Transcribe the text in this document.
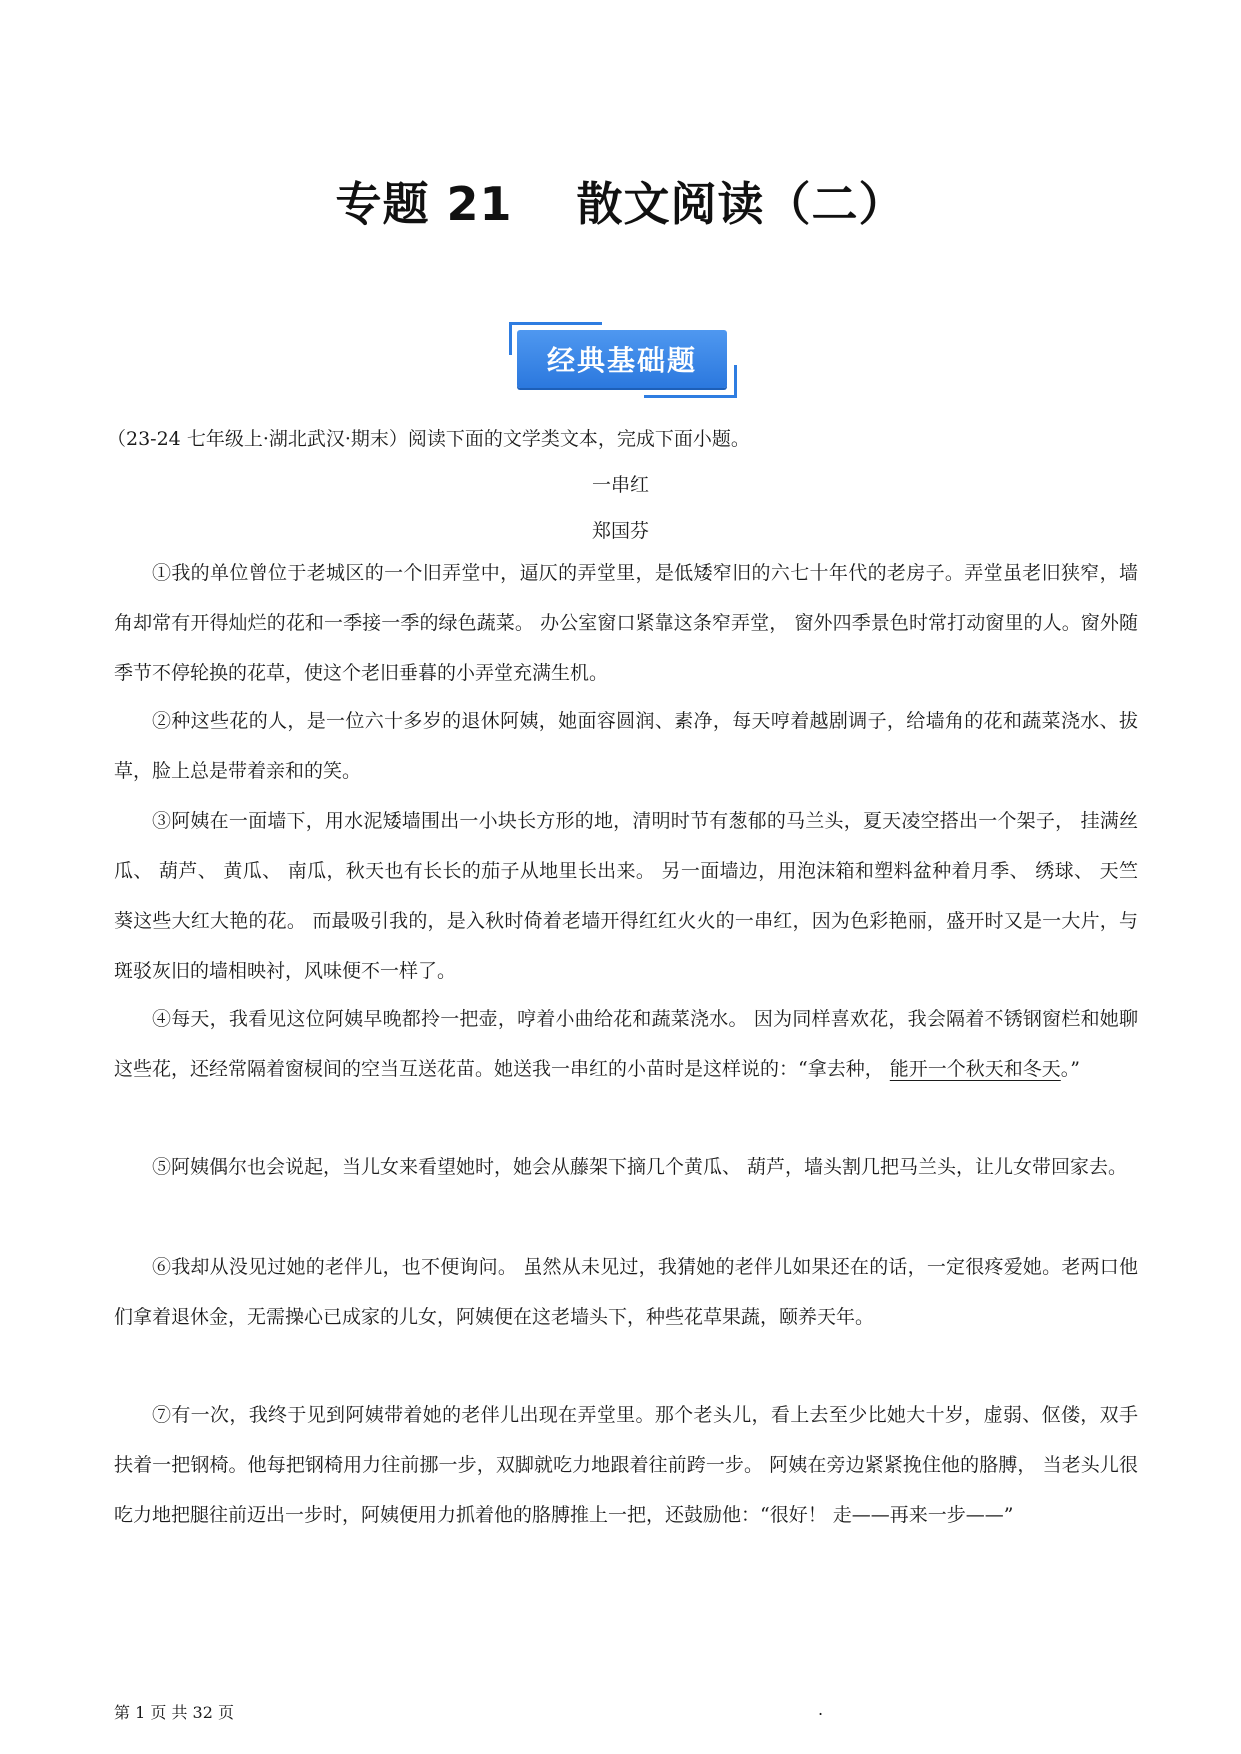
专题 21　 散文阅读（二）
经典基础题
（23-24 七年级上·湖北武汉·期末）阅读下面的文学类文本，完成下面小题。
一串红
郑国芬
①我的单位曾位于老城区的一个旧弄堂中，逼仄的弄堂里，是低矮窄旧的六七十年代的老房子。弄堂虽老旧狭窄，墙角却常有开得灿烂的花和一季接一季的绿色蔬菜。 办公室窗口紧靠这条窄弄堂， 窗外四季景色时常打动窗里的人。窗外随季节不停轮换的花草，使这个老旧垂暮的小弄堂充满生机。
②种这些花的人，是一位六十多岁的退休阿姨，她面容圆润、素净，每天哼着越剧调子，给墙角的花和蔬菜浇水、拔草，脸上总是带着亲和的笑。
③阿姨在一面墙下，用水泥矮墙围出一小块长方形的地，清明时节有葱郁的马兰头，夏天凌空搭出一个架子， 挂满丝瓜、 葫芦、 黄瓜、 南瓜，秋天也有长长的茄子从地里长出来。 另一面墙边，用泡沫箱和塑料盆种着月季、 绣球、 天竺葵这些大红大艳的花。 而最吸引我的，是入秋时倚着老墙开得红红火火的一串红，因为色彩艳丽，盛开时又是一大片，与斑驳灰旧的墙相映衬，风味便不一样了。
④每天，我看见这位阿姨早晚都拎一把壶，哼着小曲给花和蔬菜浇水。 因为同样喜欢花，我会隔着不锈钢窗栏和她聊这些花，还经常隔着窗棂间的空当互送花苗。她送我一串红的小苗时是这样说的：“拿去种， 能开一个秋天和冬天。”
⑤阿姨偶尔也会说起，当儿女来看望她时，她会从藤架下摘几个黄瓜、 葫芦，墙头割几把马兰头，让儿女带回家去。
⑥我却从没见过她的老伴儿，也不便询问。 虽然从未见过，我猜她的老伴儿如果还在的话，一定很疼爱她。老两口他们拿着退休金，无需操心已成家的儿女，阿姨便在这老墙头下，种些花草果蔬，颐养天年。
⑦有一次，我终于见到阿姨带着她的老伴儿出现在弄堂里。那个老头儿，看上去至少比她大十岁，虚弱、伛偻，双手扶着一把钢椅。他每把钢椅用力往前挪一步，双脚就吃力地跟着往前跨一步。 阿姨在旁边紧紧挽住他的胳膊， 当老头儿很吃力地把腿往前迈出一步时，阿姨便用力抓着他的胳膊推上一把，还鼓励他：“很好！ 走——再来一步——”
第 1 页 共 32 页	.
